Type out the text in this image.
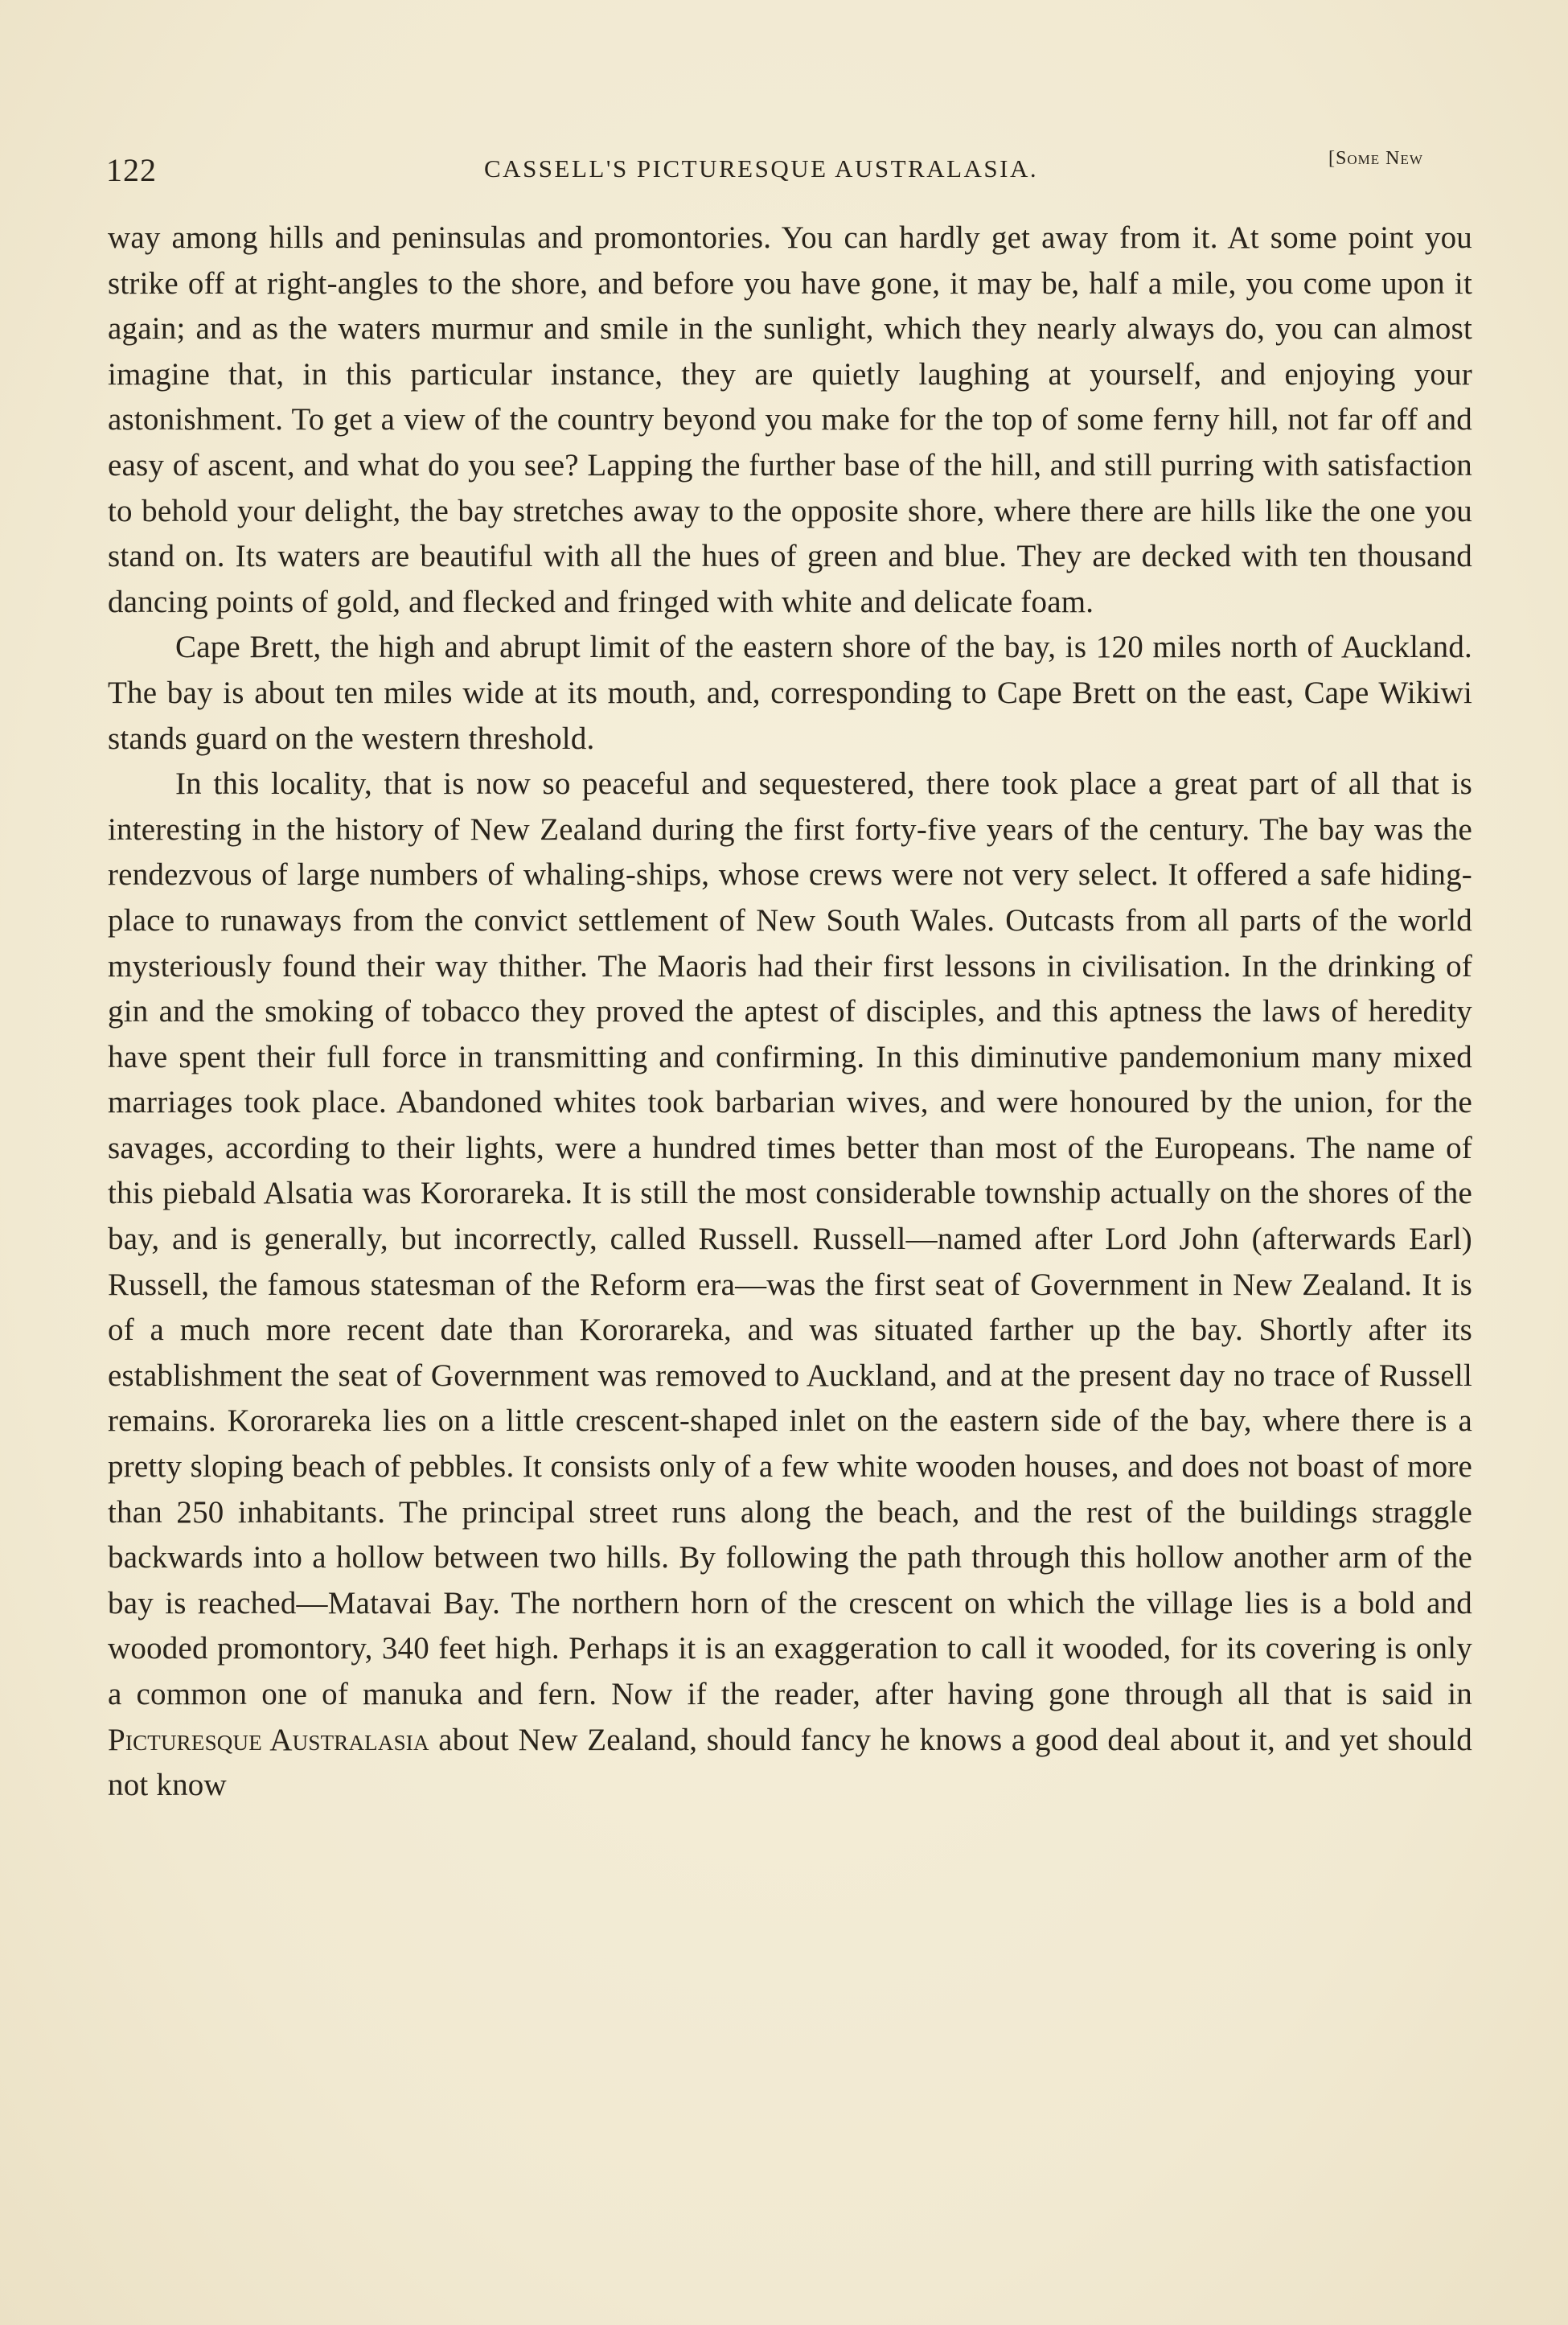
122	CASSELL'S PICTURESQUE AUSTRALASIA.	[Some New

way among hills and peninsulas and promontories. You can hardly get away from it. At some point you strike off at right-angles to the shore, and before you have gone, it may be, half a mile, you come upon it again; and as the waters murmur and smile in the sunlight, which they nearly always do, you can almost imagine that, in this particular instance, they are quietly laughing at yourself, and enjoying your astonishment. To get a view of the country beyond you make for the top of some ferny hill, not far off and easy of ascent, and what do you see? Lapping the further base of the hill, and still purring with satisfaction to behold your delight, the bay stretches away to the opposite shore, where there are hills like the one you stand on. Its waters are beautiful with all the hues of green and blue. They are decked with ten thousand dancing points of gold, and flecked and fringed with white and delicate foam.

Cape Brett, the high and abrupt limit of the eastern shore of the bay, is 120 miles north of Auckland. The bay is about ten miles wide at its mouth, and, corresponding to Cape Brett on the east, Cape Wikiwi stands guard on the western threshold.

In this locality, that is now so peaceful and sequestered, there took place a great part of all that is interesting in the history of New Zealand during the first forty-five years of the century. The bay was the rendezvous of large numbers of whaling-ships, whose crews were not very select. It offered a safe hiding-place to runaways from the convict settlement of New South Wales. Outcasts from all parts of the world mysteriously found their way thither. The Maoris had their first lessons in civilisation. In the drinking of gin and the smoking of tobacco they proved the aptest of disciples, and this aptness the laws of heredity have spent their full force in transmitting and confirming. In this diminutive pandemonium many mixed marriages took place. Abandoned whites took barbarian wives, and were honoured by the union, for the savages, according to their lights, were a hundred times better than most of the Europeans. The name of this piebald Alsatia was Kororareka. It is still the most considerable township actually on the shores of the bay, and is generally, but incorrectly, called Russell. Russell—named after Lord John (afterwards Earl) Russell, the famous statesman of the Reform era—was the first seat of Government in New Zealand. It is of a much more recent date than Kororareka, and was situated farther up the bay. Shortly after its establishment the seat of Government was removed to Auckland, and at the present day no trace of Russell remains. Kororareka lies on a little crescent-shaped inlet on the eastern side of the bay, where there is a pretty sloping beach of pebbles. It consists only of a few white wooden houses, and does not boast of more than 250 inhabitants. The principal street runs along the beach, and the rest of the buildings straggle backwards into a hollow between two hills. By following the path through this hollow another arm of the bay is reached—Matavai Bay. The northern horn of the crescent on which the village lies is a bold and wooded promontory, 340 feet high. Perhaps it is an exaggeration to call it wooded, for its covering is only a common one of manuka and fern. Now if the reader, after having gone through all that is said in Picturesque Australasia about New Zealand, should fancy he knows a good deal about it, and yet should not know
